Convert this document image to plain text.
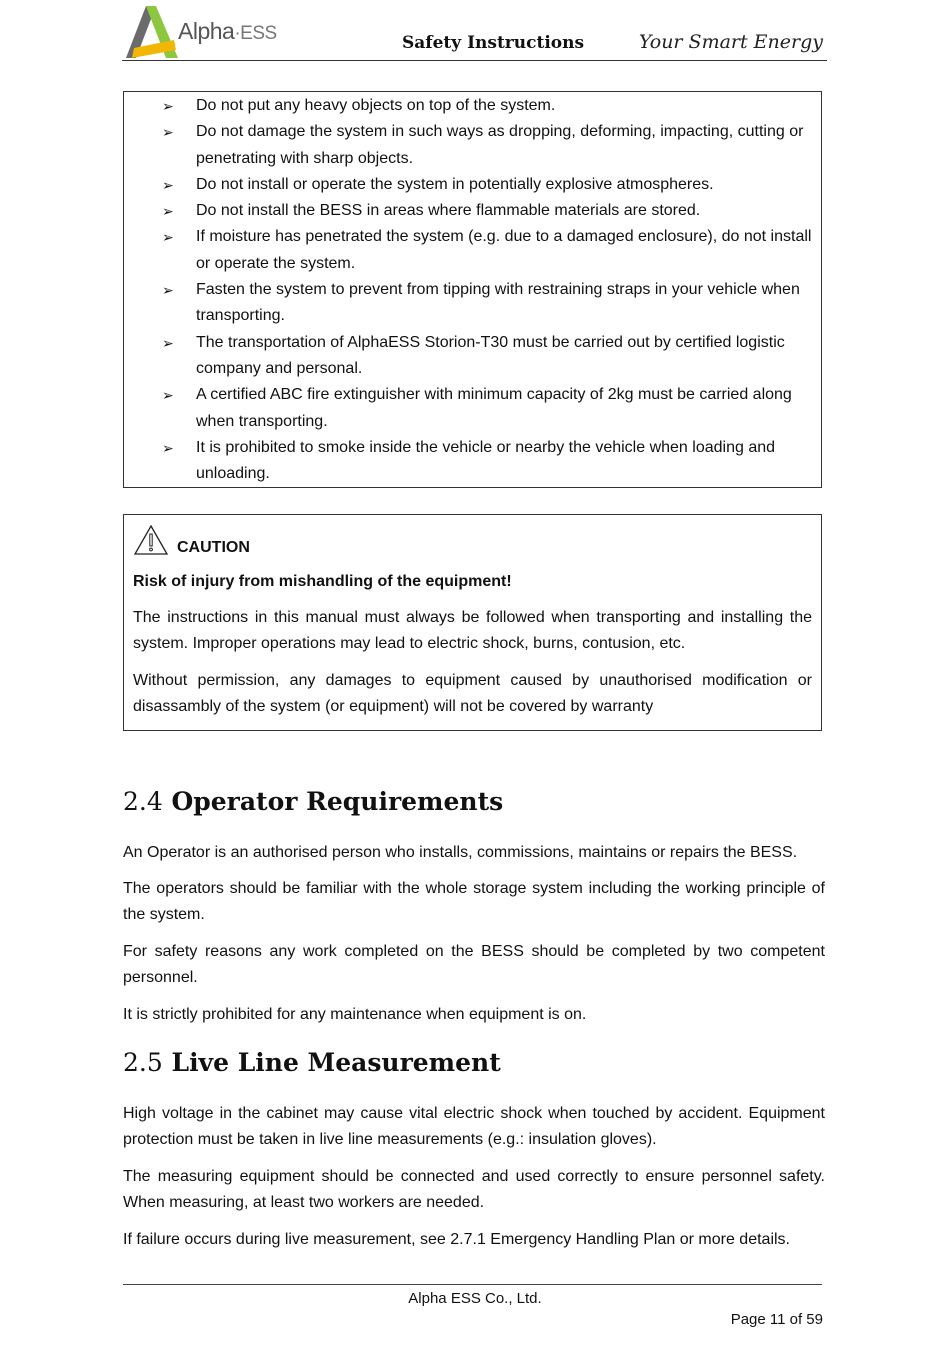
Alpha·ESS	Safety Instructions	Your Smart Energy
➢ Do not put any heavy objects on top of the system.
➢ Do not damage the system in such ways as dropping, deforming, impacting, cutting or penetrating with sharp objects.
➢ Do not install or operate the system in potentially explosive atmospheres.
➢ Do not install the BESS in areas where flammable materials are stored.
➢ If moisture has penetrated the system (e.g. due to a damaged enclosure), do not install or operate the system.
➢ Fasten the system to prevent from tipping with restraining straps in your vehicle when transporting.
➢ The transportation of AlphaESS Storion-T30 must be carried out by certified logistic company and personal.
➢ A certified ABC fire extinguisher with minimum capacity of 2kg must be carried along when transporting.
➢ It is prohibited to smoke inside the vehicle or nearby the vehicle when loading and unloading.
CAUTION

Risk of injury from mishandling of the equipment!

The instructions in this manual must always be followed when transporting and installing the system. Improper operations may lead to electric shock, burns, contusion, etc.

Without permission, any damages to equipment caused by unauthorised modification or disassambly of the system (or equipment) will not be covered by warranty

2.4 Operator Requirements

An Operator is an authorised person who installs, commissions, maintains or repairs the BESS.

The operators should be familiar with the whole storage system including the working principle of the system.

For safety reasons any work completed on the BESS should be completed by two competent personnel.

It is strictly prohibited for any maintenance when equipment is on.

2.5 Live Line Measurement

High voltage in the cabinet may cause vital electric shock when touched by accident. Equipment protection must be taken in live line measurements (e.g.: insulation gloves).

The measuring equipment should be connected and used correctly to ensure personnel safety. When measuring, at least two workers are needed.

If failure occurs during live measurement, see 2.7.1 Emergency Handling Plan or more details.

Alpha ESS Co., Ltd.
Page 11 of 59
